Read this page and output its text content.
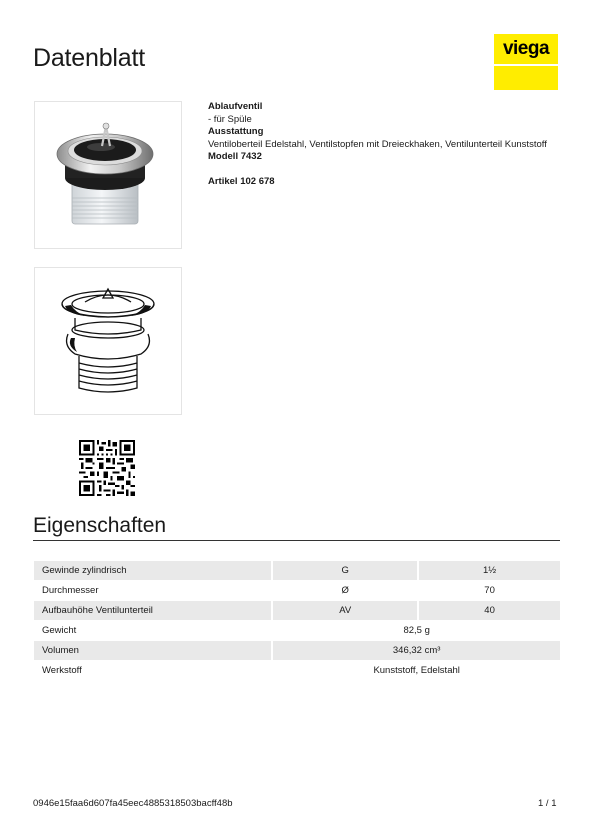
Datenblatt	viega
Ablaufventil
- für Spüle
Ausstattung
Ventiloberteil Edelstahl, Ventilstopfen mit Dreieckhaken, Ventilunterteil Kunststoff
Modell 7432
Artikel 102 678
Eigenschaften
Gewinde zylindrisch	G	1½
Durchmesser	Ø	70
Aufbauhöhe Ventilunterteil	AV	40
Gewicht	82,5 g	
Volumen	346,32 cm³	
Werkstoff	Kunststoff, Edelstahl	
0946e15faa6d607fa45eec4885318503bacff48b	1 / 1
